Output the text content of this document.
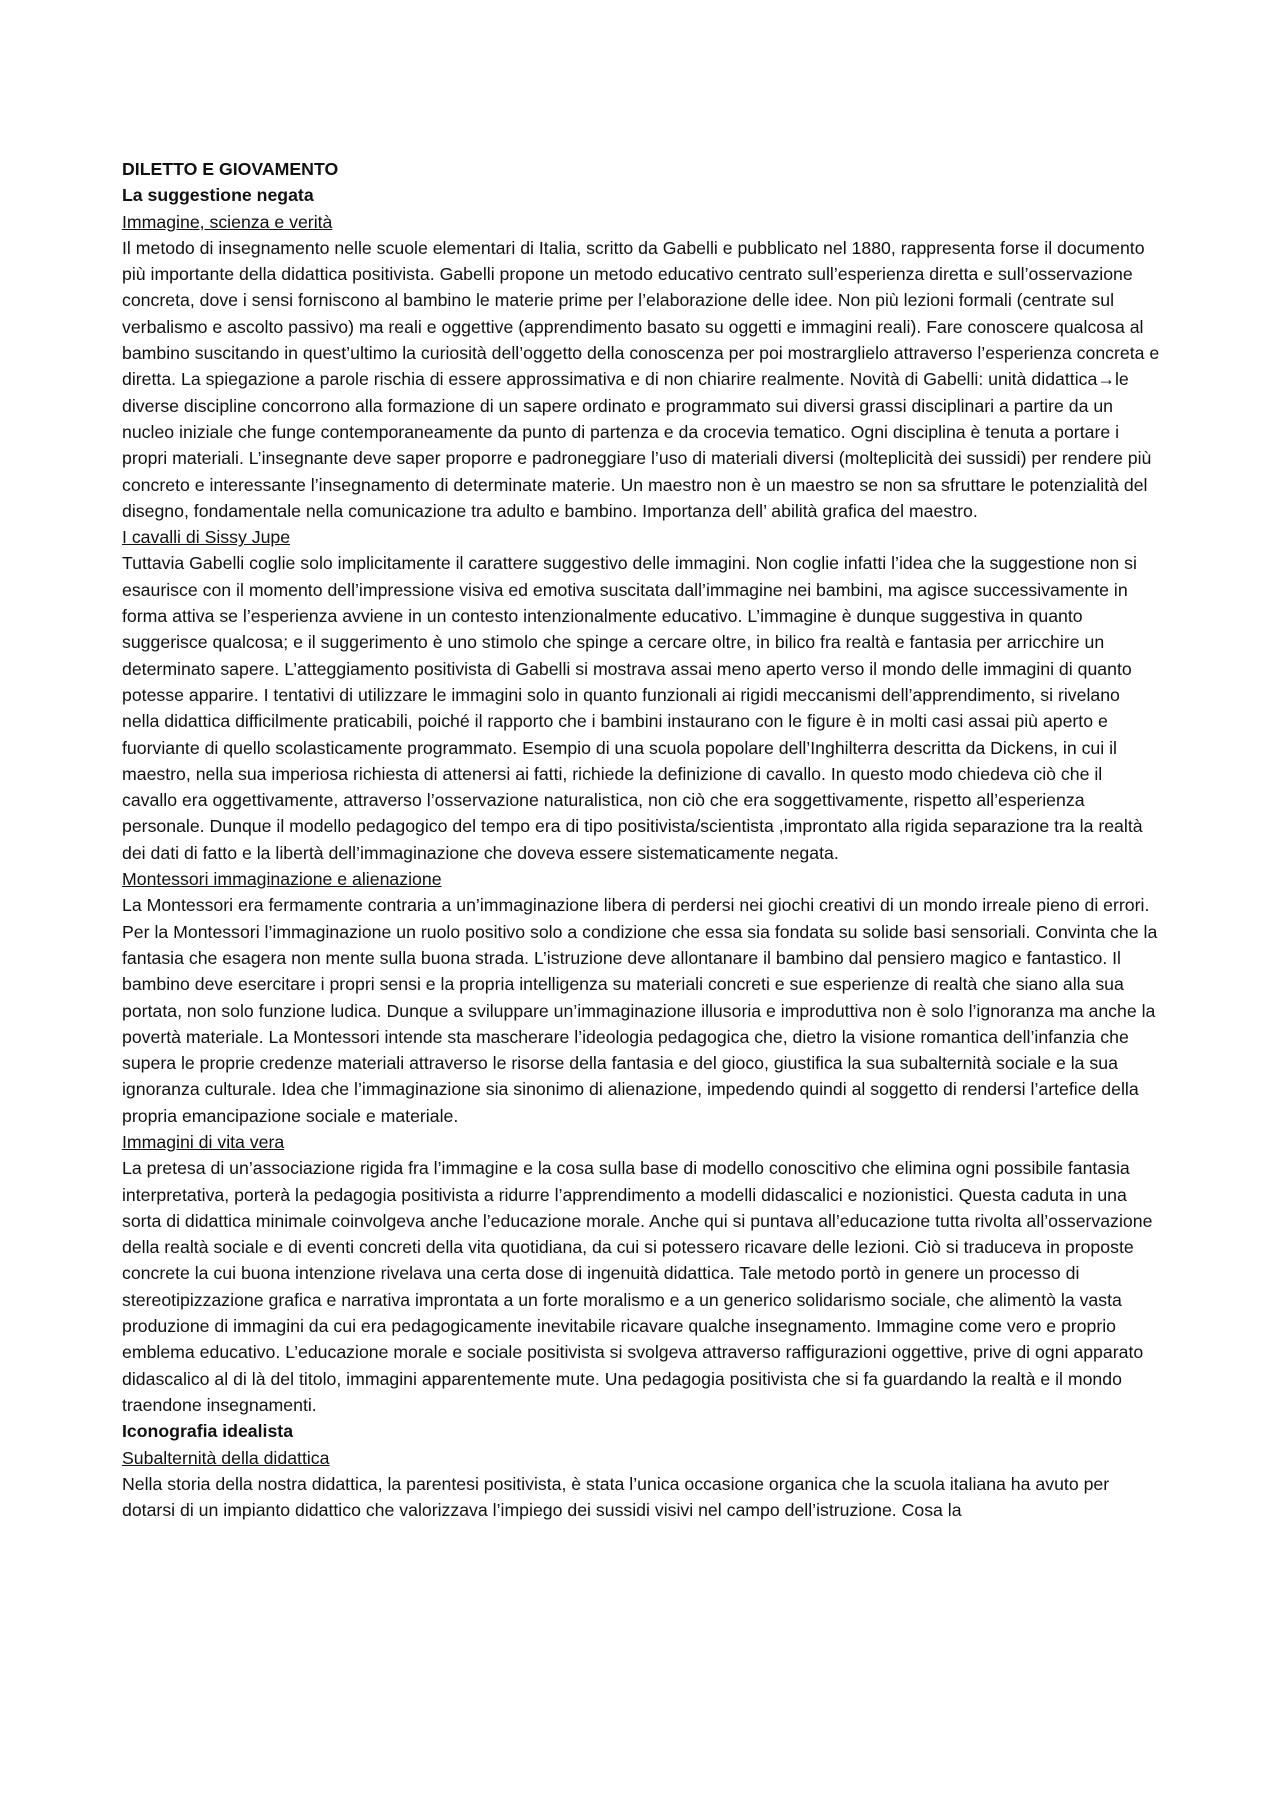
DILETTO E GIOVAMENTO
La suggestione negata
Immagine, scienza e verità

Il metodo di insegnamento nelle scuole elementari di Italia, scritto da Gabelli e pubblicato nel 1880, rappresenta forse il documento più importante della didattica positivista. Gabelli propone un metodo educativo centrato sull’esperienza diretta e sull’osservazione concreta, dove i sensi forniscono al bambino le materie prime per l’elaborazione delle idee. Non più lezioni formali (centrate sul verbalismo e ascolto passivo) ma reali e oggettive (apprendimento basato su oggetti e immagini reali). Fare conoscere qualcosa al bambino suscitando in quest’ultimo la curiosità dell’oggetto della conoscenza per poi mostrarglielo attraverso l’esperienza concreta e diretta. La spiegazione a parole rischia di essere approssimativa e di non chiarire realmente. Novità di Gabelli: unità didattica→le diverse discipline concorrono alla formazione di un sapere ordinato e programmato sui diversi grassi disciplinari a partire da un nucleo iniziale che funge contemporaneamente da punto di partenza e da crocevia tematico. Ogni disciplina è tenuta a portare i propri materiali. L’insegnante deve saper proporre e padroneggiare l’uso di materiali diversi (molteplicità dei sussidi) per rendere più concreto e interessante l’insegnamento di determinate materie. Un maestro non è un maestro se non sa sfruttare le potenzialità del disegno, fondamentale nella comunicazione tra adulto e bambino. Importanza dell’ abilità grafica del maestro.

I cavalli di Sissy Jupe

Tuttavia Gabelli coglie solo implicitamente il carattere suggestivo delle immagini. Non coglie infatti l’idea che la suggestione non si esaurisce con il momento dell’impressione visiva ed emotiva suscitata dall’immagine nei bambini, ma agisce successivamente in forma attiva se l’esperienza avviene in un contesto intenzionalmente educativo. L’immagine è dunque suggestiva in quanto suggerisce qualcosa; e il suggerimento è uno stimolo che spinge a cercare oltre, in bilico fra realtà e fantasia per arricchire un determinato sapere. L’atteggiamento positivista di Gabelli si mostrava assai meno aperto verso il mondo delle immagini di quanto potesse apparire. I tentativi di utilizzare le immagini solo in quanto funzionali ai rigidi meccanismi dell’apprendimento, si rivelano nella didattica difficilmente praticabili, poiché il rapporto che i bambini instaurano con le figure è in molti casi assai più aperto e fuorviante di quello scolasticamente programmato. Esempio di una scuola popolare dell’Inghilterra descritta da Dickens, in cui il maestro, nella sua imperiosa richiesta di attenersi ai fatti, richiede la definizione di cavallo. In questo modo chiedeva ciò che il cavallo era oggettivamente, attraverso l’osservazione naturalistica, non ciò che era soggettivamente, rispetto all’esperienza personale. Dunque il modello pedagogico del tempo era di tipo positivista/scientista ,improntato alla rigida separazione tra la realtà dei dati di fatto e la libertà dell’immaginazione che doveva essere sistematicamente negata.

Montessori immaginazione e alienazione

La Montessori era fermamente contraria a un’immaginazione libera di perdersi nei giochi creativi di un mondo irreale pieno di errori. Per la Montessori l’immaginazione un ruolo positivo solo a condizione che essa sia fondata su solide basi sensoriali. Convinta che la fantasia che esagera non mente sulla buona strada. L’istruzione deve allontanare il bambino dal pensiero magico e fantastico. Il bambino deve esercitare i propri sensi e la propria intelligenza su materiali concreti e sue esperienze di realtà che siano alla sua portata, non solo funzione ludica. Dunque a sviluppare un’immaginazione illusoria e improduttiva non è solo l’ignoranza ma anche la povertà materiale. La Montessori intende sta mascherare l’ideologia pedagogica che, dietro la visione romantica dell’infanzia che supera le proprie credenze materiali attraverso le risorse della fantasia e del gioco, giustifica la sua subalternità sociale e la sua ignoranza culturale. Idea che l’immaginazione sia sinonimo di alienazione, impedendo quindi al soggetto di rendersi l’artefice della propria emancipazione sociale e materiale.

Immagini di vita vera

La pretesa di un’associazione rigida fra l’immagine e la cosa sulla base di modello conoscitivo che elimina ogni possibile fantasia interpretativa, porterà la pedagogia positivista a ridurre l’apprendimento a modelli didascalici e nozionistici. Questa caduta in una sorta di didattica minimale coinvolgeva anche l’educazione morale. Anche qui si puntava all’educazione tutta rivolta all’osservazione della realtà sociale e di eventi concreti della vita quotidiana, da cui si potessero ricavare delle lezioni. Ciò si traduceva in proposte concrete la cui buona intenzione rivelava una certa dose di ingenuità didattica. Tale metodo portò in genere un processo di stereotipizzazione grafica e narrativa improntata a un forte moralismo e a un generico solidarismo sociale, che alimentò la vasta produzione di immagini da cui era pedagogicamente inevitabile ricavare qualche insegnamento. Immagine come vero e proprio emblema educativo. L’educazione morale e sociale positivista si svolgeva attraverso raffigurazioni oggettive, prive di ogni apparato didascalico al di là del titolo, immagini apparentemente mute. Una pedagogia positivista che si fa guardando la realtà e il mondo traendone insegnamenti.

Iconografia idealista
Subalternità della didattica

Nella storia della nostra didattica, la parentesi positivista, è stata l’unica occasione organica che la scuola italiana ha avuto per dotarsi di un impianto didattico che valorizzava l’impiego dei sussidi visivi nel campo dell’istruzione. Cosa la
